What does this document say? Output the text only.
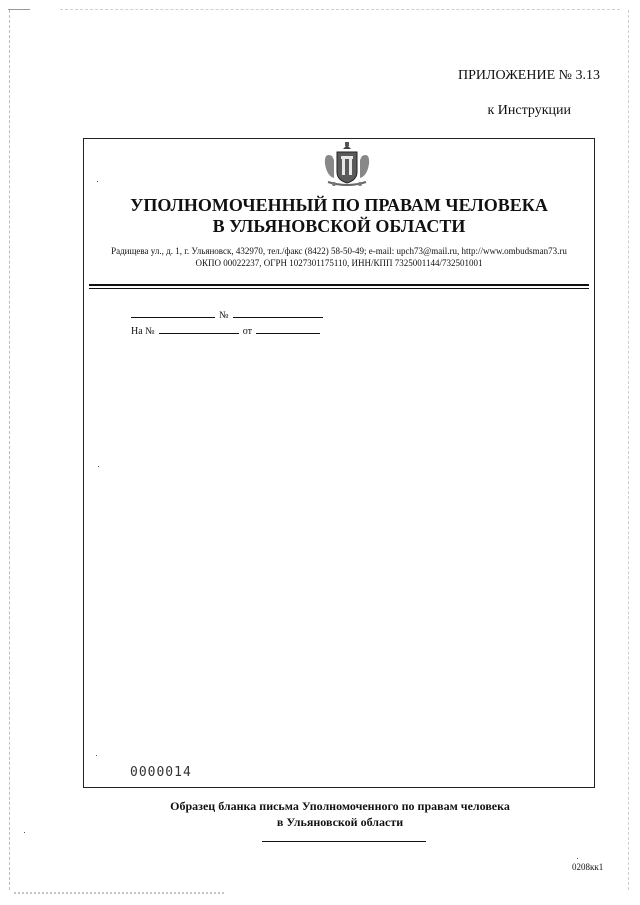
ПРИЛОЖЕНИЕ № 3.13
к Инструкции
УПОЛНОМОЧЕННЫЙ ПО ПРАВАМ ЧЕЛОВЕКА
В УЛЬЯНОВСКОЙ ОБЛАСТИ
Радищева ул., д. 1, г. Ульяновск, 432970, тел./факс (8422) 58-50-49; e-mail: upch73@mail.ru, http://www.ombudsman73.ru
ОКПО 00022237, ОГРН 1027301175110, ИНН/КПП 7325001144/732501001
№
На №	от
0000014
Образец бланка письма Уполномоченного по правам человека
в Ульяновской области
0208кк1
